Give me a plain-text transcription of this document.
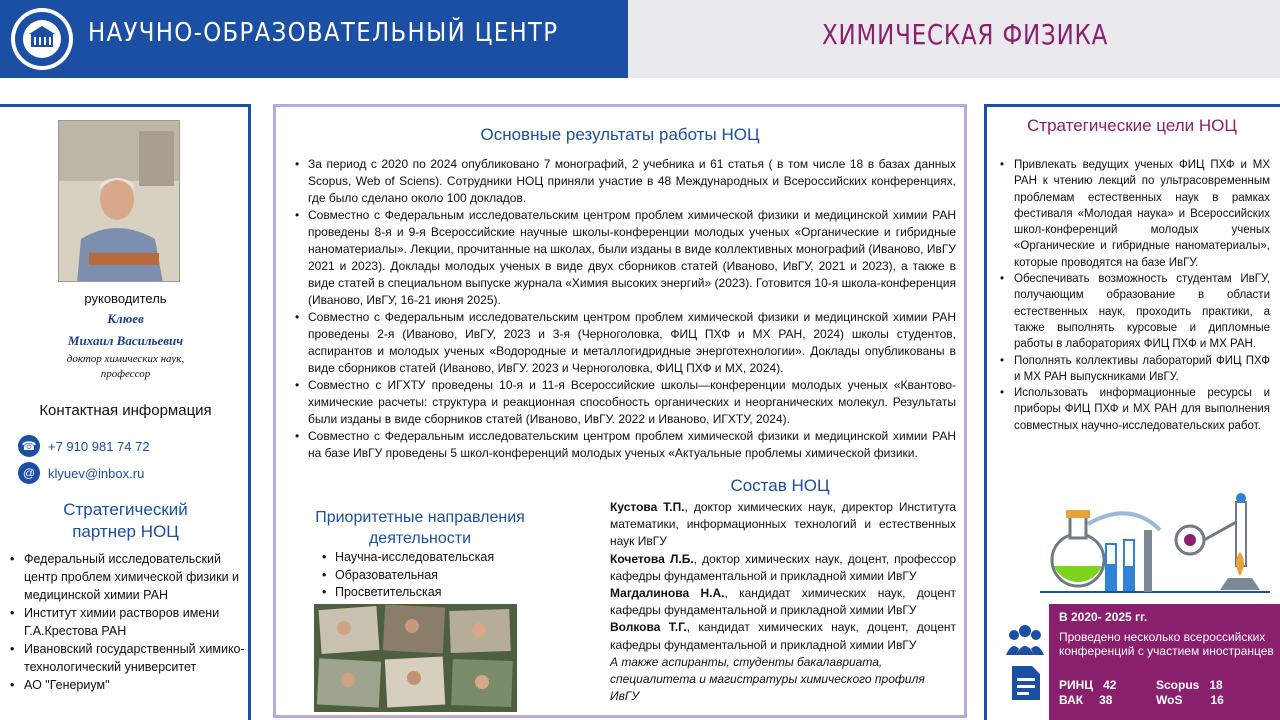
НАУЧНО-ОБРАЗОВАТЕЛЬНЫЙ ЦЕНТР	ХИМИЧЕСКАЯ ФИЗИКА
руководитель
Клюев
Михаил Васильевич
доктор химических наук,
профессор
Контактная информация
☎ +7 910 981 74 72
@ klyuev@inbox.ru
Стратегический
партнер НОЦ
• Федеральный исследовательский центр проблем химической физики и медицинской химии РАН
• Институт химии растворов имени Г.А.Крестова РАН
• Ивановский государственный химико-технологический университет
• АО "Генериум"
Основные результаты работы НОЦ
• За период с 2020 по 2024 опубликовано 7 монографий, 2 учебника и 61 статья ( в том числе 18 в базах данных Scopus, Web of Sciens). Сотрудники НОЦ приняли участие в 48 Международных и Всероссийских конференциях, где было сделано около 100 докладов.
• Совместно с Федеральным исследовательским центром проблем химической физики и медицинской химии РАН проведены 8-я и 9-я Всероссийские научные школы-конференции молодых ученых «Органические и гибридные наноматериалы». Лекции, прочитанные на школах, были изданы в виде коллективных монографий (Иваново, ИвГУ 2021 и 2023). Доклады молодых ученых в виде двух сборников статей (Иваново, ИвГУ, 2021 и 2023), а также в виде статей в специальном выпуске журнала «Химия высоких энергий» (2023). Готовится 10-я школа-конференция (Иваново, ИвГУ, 16-21 июня 2025).
• Совместно с Федеральным исследовательским центром проблем химической физики и медицинской химии РАН проведены 2-я (Иваново, ИвГУ, 2023 и 3-я (Черноголовка, ФИЦ ПХФ и МХ РАН, 2024) школы студентов, аспирантов и молодых ученых «Водородные и металлогидридные энерготехнологии». Доклады опубликованы в виде сборников статей (Иваново, ИвГУ. 2023 и Черноголовка, ФИЦ ПХФ и МХ, 2024).
• Совместно с ИГХТУ проведены 10-я и 11-я Всероссийские школы—конференции молодых ученых «Квантово-химические расчеты: структура и реакционная способность органических и неорганических молекул. Результаты были изданы в виде сборников статей (Иваново, ИвГУ. 2022 и Иваново, ИГХТУ, 2024).
• Совместно с Федеральным исследовательским центром проблем химической физики и медицинской химии РАН на базе ИвГУ проведены 5 школ-конференций молодых ученых «Актуальные проблемы химической физики.
Приоритетные направления
деятельности
• Научна-исследовательская
• Образовательная
• Просветительская
Состав НОЦ

Кустова Т.П., доктор химических наук, директор Института математики, информационных технологий и естественных наук ИвГУ

Кочетова Л.Б., доктор химических наук, доцент, профессор кафедры фундаментальной и прикладной химии ИвГУ

Магдалинова Н.А., кандидат химических наук, доцент кафедры фундаментальной и прикладной химии ИвГУ

Волкова Т.Г., кандидат химических наук, доцент, доцент кафедры фундаментальной и прикладной химии ИвГУ

А также аспиранты, студенты бакалавриата, специалитета и магистратуры химического профиля ИвГУ

Стратегические цели НОЦ
• Привлекать ведущих ученых ФИЦ ПХФ и МХ РАН к чтению лекций по ультрасовременным проблемам естественных наук в рамках фестиваля «Молодая наука» и Всероссийских школ-конференций молодых ученых «Органические и гибридные наноматериалы», которые проводятся на базе ИвГУ.
• Обеспечивать возможность студентам ИвГУ, получающим образование в области естественных наук, проходить практики, а также выполнять курсовые и дипломные работы в лабораториях ФИЦ ПХФ и МХ РАН.
• Пополнять коллективы лабораторий ФИЦ ПХФ и МХ РАН выпускниками ИвГУ.
• Использовать информационные ресурсы и приборы ФИЦ ПХФ и МХ РАН для выполнения совместных научно-исследовательских работ.
В 2020- 2025 гг.
Проведено несколько всероссийских конференций с участием иностранцев
РИНЦ 42	Scopus 18
ВАК 38	WoS 16
